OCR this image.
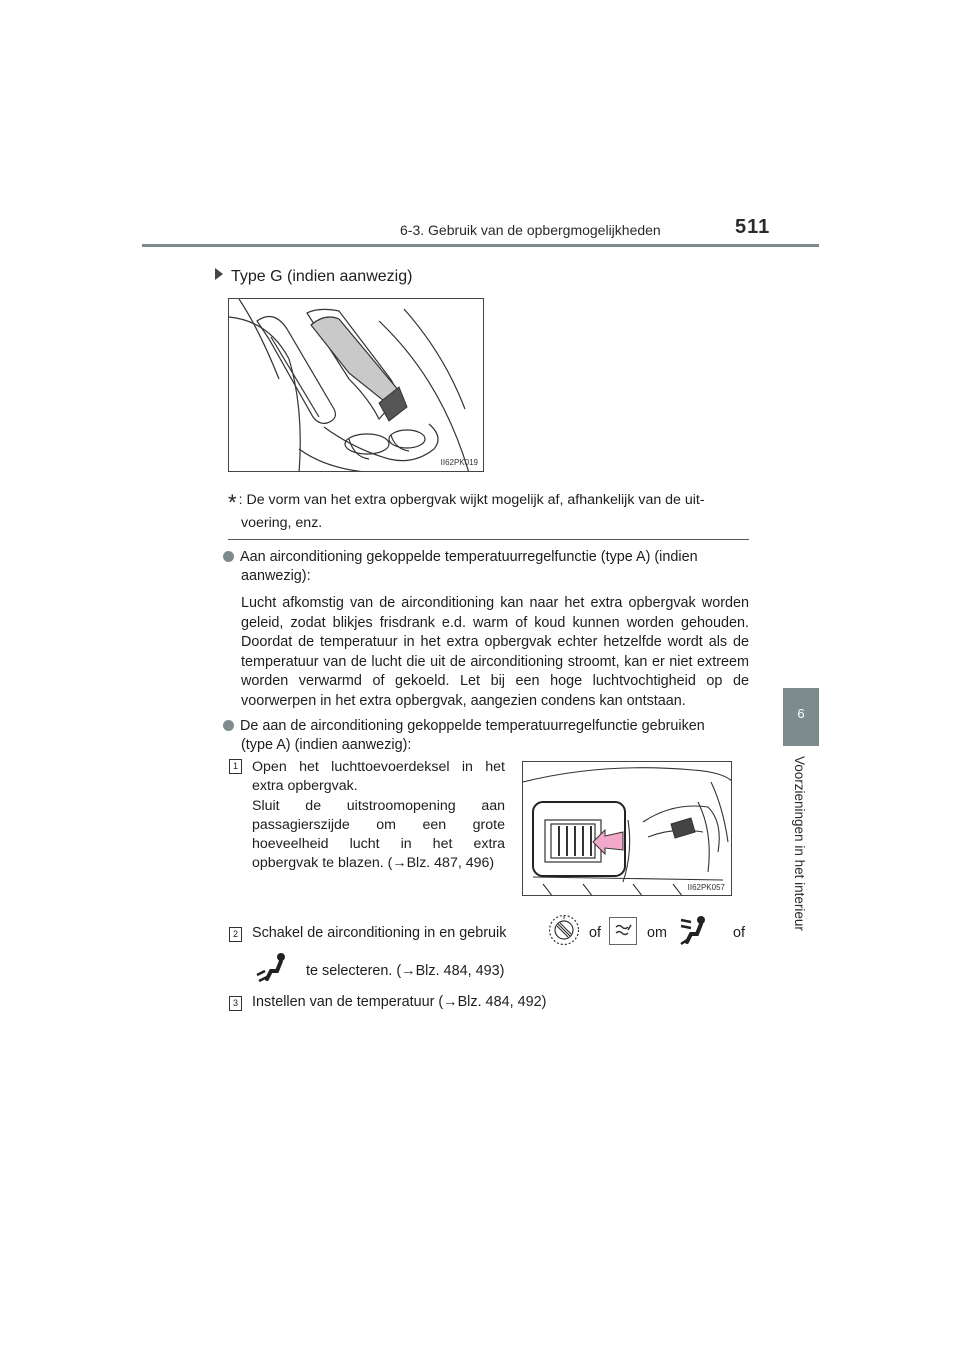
6-3. Gebruik van de opbergmogelijkheden	511
6
Voorzieningen in het interieur
Type G (indien aanwezig)
II62PK019
* : De vorm van het extra opbergvak wijkt mogelijk af, afhankelijk van de uit-
voering, enz.
Aan airconditioning gekoppelde temperatuurregelfunctie (type A) (indien
aanwezig):
Lucht afkomstig van de airconditioning kan naar het extra opbergvak worden geleid, zodat blikjes frisdrank e.d. warm of koud kunnen worden gehouden. Doordat de temperatuur in het extra opbergvak echter hetzelfde wordt als de temperatuur van de lucht die uit de airconditioning stroomt, kan er niet extreem worden verwarmd of gekoeld. Let bij een hoge luchtvochtigheid op de voorwerpen in het extra opbergvak, aangezien condens kan ontstaan.
De aan de airconditioning gekoppelde temperatuurregelfunctie gebruiken
(type A) (indien aanwezig):
1 Open het luchttoevoerdeksel in het extra opbergvak.
Sluit de uitstroomopening aan passagierszijde om een grote hoeveelheid lucht in het extra opbergvak te blazen. (→Blz. 487, 496)
II62PK057
2 Schakel de airconditioning in en gebruik	of	om	of
te selecteren. (→Blz. 484, 493)
3 Instellen van de temperatuur (→Blz. 484, 492)
